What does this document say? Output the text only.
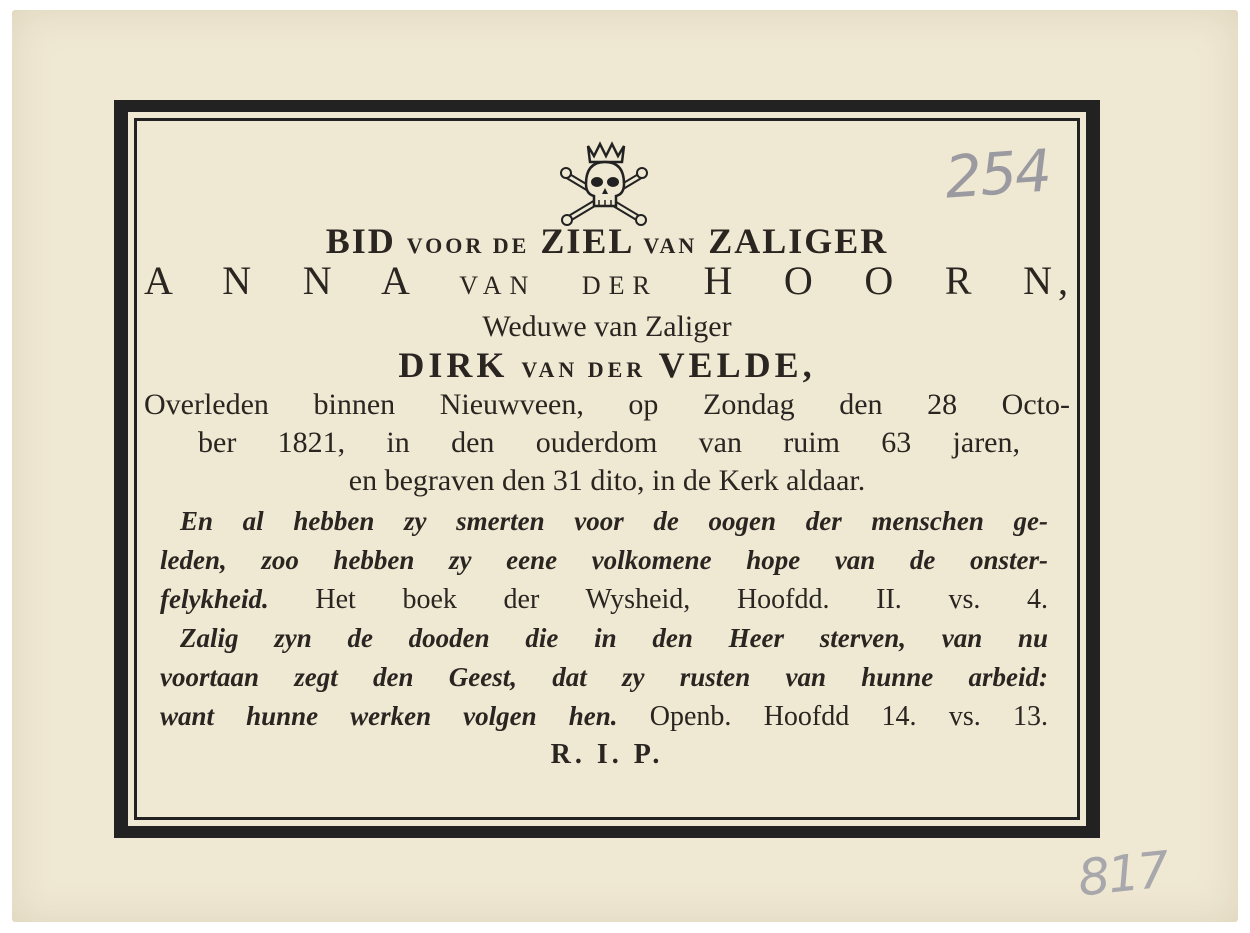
254
817
BID VOOR DE ZIEL VAN ZALIGER
A N N A VAN DER H O O R N,
Weduwe van Zaliger
DIRK VAN DER VELDE,
Overleden binnen Nieuwveen, op Zondag den 28 Octo-
ber 1821, in den ouderdom van ruim 63 jaren,
en begraven den 31 dito, in de Kerk aldaar.
En al hebben zy smerten voor de oogen der menschen ge-
leden, zoo hebben zy eene volkomene hope van de onster-
felykheid. Het boek der Wysheid, Hoofdd. II. vs. 4.
Zalig zyn de dooden die in den Heer sterven, van nu
voortaan zegt den Geest, dat zy rusten van hunne arbeid:
want hunne werken volgen hen. Openb. Hoofdd 14. vs. 13.
R. I. P.
